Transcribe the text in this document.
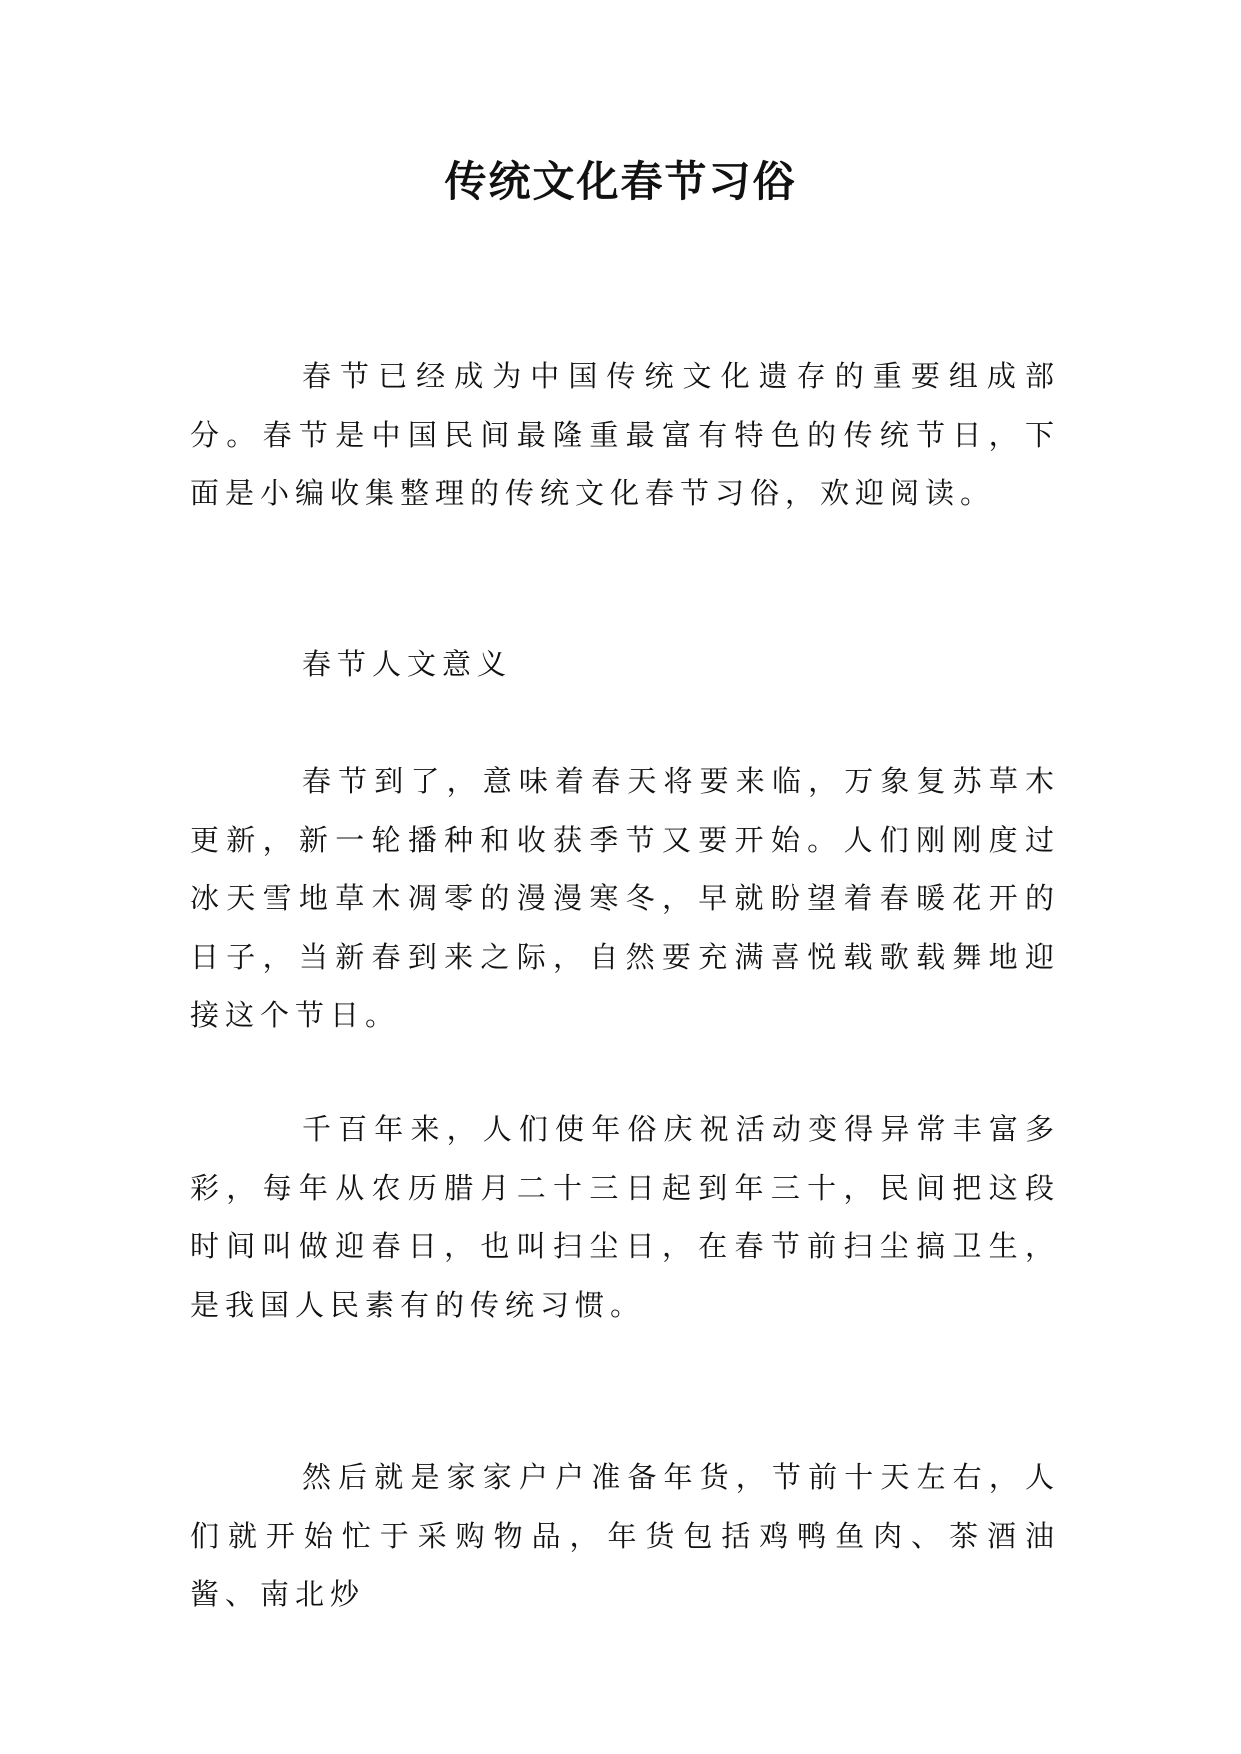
传统文化春节习俗

春节已经成为中国传统文化遗存的重要组成部分。春节是中国民间最隆重最富有特色的传统节日，下面是小编收集整理的传统文化春节习俗，欢迎阅读。

春节人文意义

春节到了，意味着春天将要来临，万象复苏草木更新，新一轮播种和收获季节又要开始。人们刚刚度过冰天雪地草木凋零的漫漫寒冬，早就盼望着春暖花开的日子，当新春到来之际，自然要充满喜悦载歌载舞地迎接这个节日。

千百年来，人们使年俗庆祝活动变得异常丰富多彩，每年从农历腊月二十三日起到年三十，民间把这段时间叫做迎春日，也叫扫尘日，在春节前扫尘搞卫生，是我国人民素有的传统习惯。

然后就是家家户户准备年货，节前十天左右，人们就开始忙于采购物品，年货包括鸡鸭鱼肉、茶酒油酱、南北炒
